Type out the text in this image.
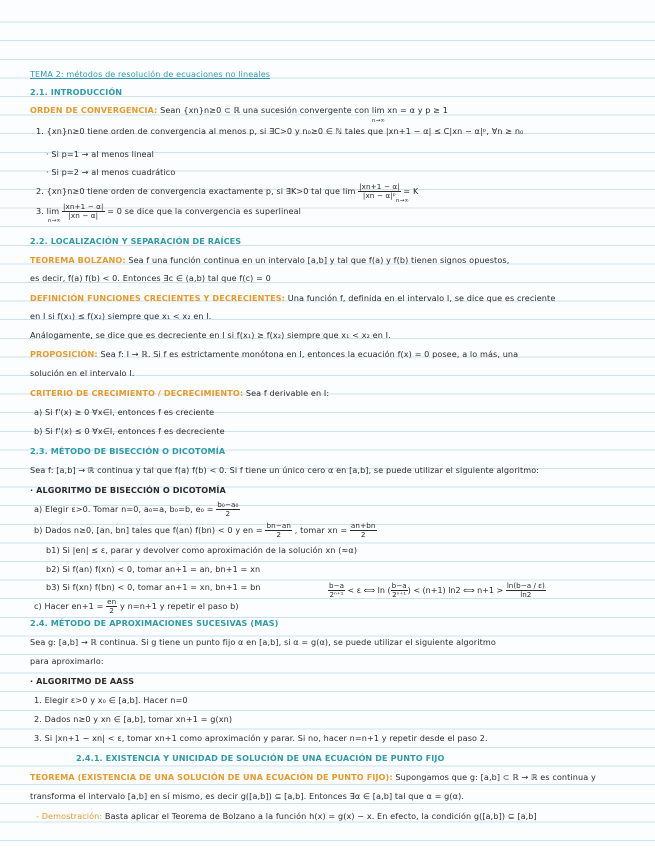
TEMA 2: métodos de resolución de ecuaciones no lineales
2.1. INTRODUCCIÓN
ORDEN DE CONVERGENCIA: Sean {xn}n≥0 ⊂ ℝ una sucesión convergente con lim xn = α y p ≥ 1
n→∞
1. {xn}n≥0 tiene orden de convergencia al menos p, si ∃C>0 y n₀≥0 ∈ ℕ tales que |xn+1 − α| ≤ C|xn − α|ᵖ, ∀n ≥ n₀
· Si p=1 → al menos lineal
· Si p=2 → al menos cuadrático
2. {xn}n≥0 tiene orden de convergencia exactamente p, si ∃K>0 tal que $\lim \frac{|xn+1 - \alpha|}{\text{|xn − α|ᵖ}} = K$
n→∞
3. $\lim \frac{|xn+1 - \alpha|}{|xn - \alpha|} = 0$ se dice que la convergencia es superlineal
n→∞
2.2. LOCALIZACIÓN Y SEPARACIÓN DE RAÍCES
TEOREMA BOLZANO: Sea f una función continua en un intervalo [a,b] y tal que f(a) y f(b) tienen signos opuestos,
es decir, f(a) f(b) < 0. Entonces ∃c ∈ (a,b) tal que f(c) = 0
DEFINICIÓN FUNCIONES CRECIENTES Y DECRECIENTES: Una función f, definida en el intervalo I, se dice que es creciente
en I si f(x₁) ≤ f(x₂) siempre que x₁ < x₂ en I.
Análogamente, se dice que es decreciente en I si f(x₁) ≥ f(x₂) siempre que x₁ < x₂ en I.
PROPOSICIÓN: Sea f: I → ℝ. Si f es estrictamente monótona en I, entonces la ecuación f(x) = 0 posee, a lo más, una
solución en el intervalo I.
CRITERIO DE CRECIMIENTO / DECRECIMIENTO: Sea f derivable en I:
a) Si f'(x) ≥ 0 ∀x∈I, entonces f es creciente
b) Si f'(x) ≤ 0 ∀x∈I, entonces f es decreciente
2.3. MÉTODO DE BISECCIÓN O DICOTOMÍA
Sea f: [a,b] → ℝ continua y tal que f(a) f(b) < 0. Si f tiene un único cero α en [a,b], se puede utilizar el siguiente algoritmo:
· ALGORITMO DE BISECCIÓN O DICOTOMÍA
a) Elegir ε>0. Tomar n=0, a₀=a, b₀=b, $e_0 = \frac{\text{b₀−a₀}}{2}$
b) Dados n≥0, [an, bn] tales que f(an) f(bn) < 0 y en = $\frac{bn-an}{2}$ , tomar xn = $\frac{an+bn}{2}$
b1) Si |en| ≤ ε, parar y devolver como aproximación de la solución xn (≈α)
b2) Si f(an) f(xn) < 0, tomar an+1 = an, bn+1 = xn
b3) Si f(xn) f(bn) < 0, tomar an+1 = xn, bn+1 = bn
c) Hacer $en+1 = \frac{en}{2}$ y n=n+1 y repetir el paso b)
$\frac{b-a}{\text{2ⁿ⁺¹}} < \varepsilon$ ⟺ ln ( $\frac{b-a}{\text{2ⁿ⁺¹}}$ ) < (n+1) ln2 ⟺ $n+1 > \frac{\ln(b-a / \varepsilon)}{\ln 2}$
2.4. MÉTODO DE APROXIMACIONES SUCESIVAS (MAS)
Sea g: [a,b] → ℝ continua. Si g tiene un punto fijo α en [a,b], si α = g(α), se puede utilizar el siguiente algoritmo
para aproximarlo:
· ALGORITMO DE AASS
1. Elegir ε>0 y x₀ ∈ [a,b]. Hacer n=0
2. Dados n≥0 y xn ∈ [a,b], tomar xn+1 = g(xn)
3. Si |xn+1 − xn| < ε, tomar xn+1 como aproximación y parar. Si no, hacer n=n+1 y repetir desde el paso 2.
2.4.1. EXISTENCIA Y UNICIDAD DE SOLUCIÓN DE UNA ECUACIÓN DE PUNTO FIJO
TEOREMA (EXISTENCIA DE UNA SOLUCIÓN DE UNA ECUACIÓN DE PUNTO FIJO): Supongamos que g: [a,b] ⊂ ℝ → ℝ es continua y
transforma el intervalo [a,b] en sí mismo, es decir g([a,b]) ⊆ [a,b]. Entonces ∃α ∈ [a,b] tal que α = g(α).
- Demostración: Basta aplicar el Teorema de Bolzano a la función h(x) = g(x) − x. En efecto, la condición g([a,b]) ⊆ [a,b]
